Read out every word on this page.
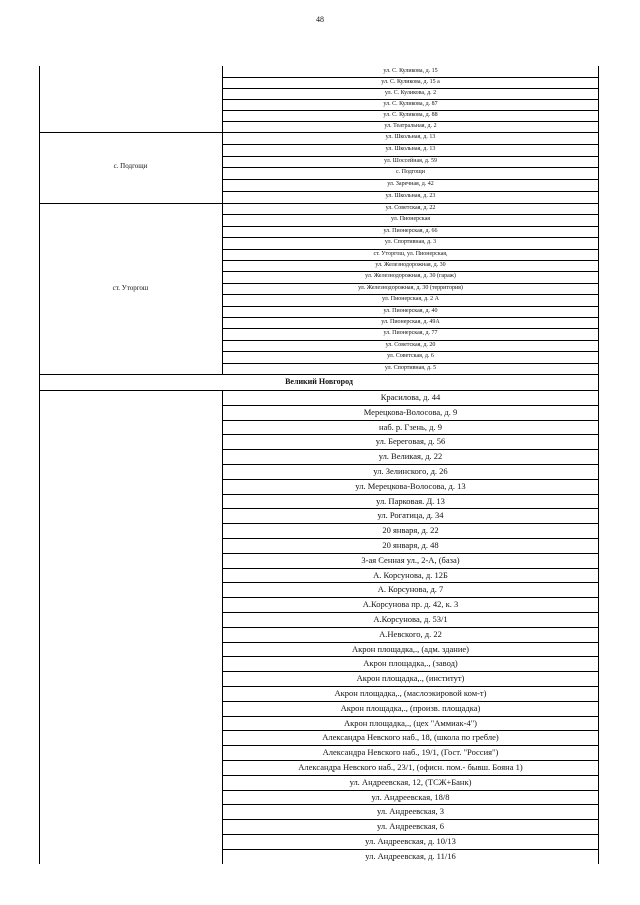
48
с. Подгощи
ст. Уторгош
Великий Новгород
ул. С. Куликова, д. 15
ул. С. Куликова, д. 15 а
ул. С. Куликова, д. 2
ул. С. Куликова, д. 87
ул. С. Куликова, д. 88
ул. Театральная, д. 2
ул. Школьная, д. 13
ул. Школьная, д. 13
ул. Шоссейная, д. 59
с. Подгощи
ул. Заречная, д. 42
ул. Школьная, д. 23
ул. Советская, д. 22
ул. Пионерская
ул. Пионерская, д. 66
ул. Спортивная, д. 3
ст. Уторгош, ул. Пионерская,
ул. Железнодорожная, д. 30
ул. Железнодорожная, д. 30 (гараж)
ул. Железнодорожная, д. 30 (территория)
ул. Пионерская, д. 2 А
ул. Пионерская, д. 40
ул. Пионерская, д. 49А
ул. Пионерская, д. 77
ул. Советская, д. 20
ул. Советская, д. 6
ул. Спортивная, д. 5
Красилова, д. 44
Мерецкова-Волосова, д. 9
наб. р. Гзень, д. 9
ул. Береговая, д. 56
ул. Великая, д. 22
ул. Зелинского, д. 26
ул. Мерецкова-Волосова, д. 13
ул. Парковая. Д. 13
ул. Рогатица, д. 34
20 января, д. 22
20 января, д. 48
3-ая Сенная ул., 2-А, (база)
А. Корсунова, д. 12Б
А. Корсунова, д. 7
А.Корсунова пр. д. 42, к. 3
А.Корсунова, д. 53/1
А.Невского, д. 22
Акрон площадка,., (адм. здание)
Акрон площадка,., (завод)
Акрон площадка,., (институт)
Акрон площадка,., (маслоэкировой ком-т)
Акрон площадка,., (произв. площадка)
Акрон площадка,., (цех "Аммиак-4")
Александра Невского наб., 18, (школа по гребле)
Александра Невского наб., 19/1, (Гост. "Россия")
Александра Невского наб., 23/1, (офисн. пом.- бывш. Бояна 1)
ул. Андреевская, 12, (ТСЖ+Банк)
ул. Андреевская, 18/8
ул. Андреевская, 3
ул. Андреевская, 6
ул. Андреевская, д. 10/13
ул. Андреевская, д. 11/16
